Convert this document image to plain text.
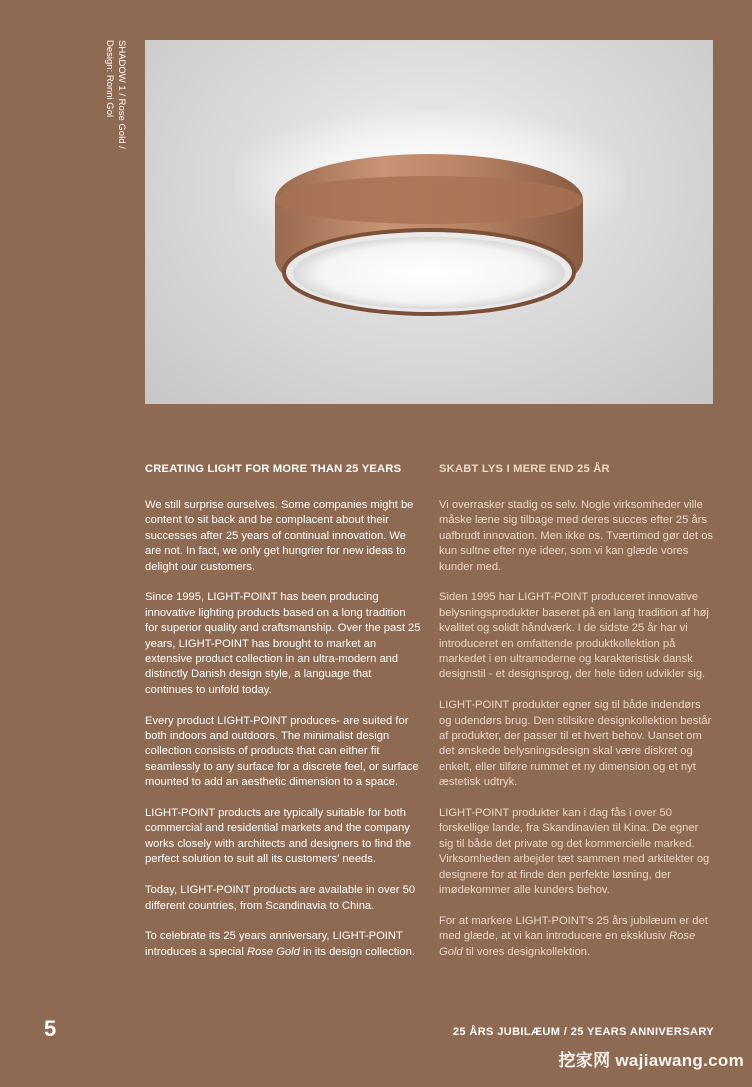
SHADOW 1 / Rose Gold /
Design: Ronni Gol
CREATING LIGHT FOR MORE THAN 25 YEARS

We still surprise ourselves. Some companies might be content to sit back and be complacent about their successes after 25 years of continual innovation. We are not. In fact, we only get hungrier for new ideas to delight our customers.

Since 1995, LIGHT-POINT has been producing innovative lighting products based on a long tradition for superior quality and craftsmanship. Over the past 25 years, LIGHT-POINT has brought to market an extensive product collection in an ultra-modern and distinctly Danish design style, a language that continues to unfold today.

Every product LIGHT-POINT produces- are suited for both indoors and outdoors. The minimalist design collection consists of products that can either fit seamlessly to any surface for a discrete feel, or surface mounted to add an aesthetic dimension to a space.

LIGHT-POINT products are typically suitable for both commercial and residential markets and the company works closely with architects and designers to find the perfect solution to suit all its customers' needs.

Today, LIGHT-POINT products are available in over 50 different countries, from Scandinavia to China.

To celebrate its 25 years anniversary, LIGHT-POINT introduces a special Rose Gold in its design collection.

SKABT LYS I MERE END 25 ÅR

Vi overrasker stadig os selv. Nogle virksomheder ville måske læne sig tilbage med deres succes efter 25 års uafbrudt innovation. Men ikke os. Tværtimod gør det os kun sultne efter nye ideer, som vi kan glæde vores kunder med.

Siden 1995 har LIGHT-POINT produceret innovative belysningsprodukter baseret på en lang tradition af høj kvalitet og solidt håndværk. I de sidste 25 år har vi introduceret en omfattende produktkollektion på markedet i en ultramoderne og karakteristisk dansk designstil - et designsprog, der hele tiden udvikler sig.

LIGHT-POINT produkter egner sig til både indendørs og udendørs brug. Den stilsikre designkollektion består af produkter, der passer til et hvert behov. Uanset om det ønskede belysningsdesign skal være diskret og enkelt, eller tilføre rummet et ny dimension og et nyt æstetisk udtryk.

LIGHT-POINT produkter kan i dag fås i over 50 forskellige lande, fra Skandinavien til Kina. De egner sig til både det private og det kommercielle marked. Virksomheden arbejder tæt sammen med arkitekter og designere for at finde den perfekte løsning, der imødekommer alle kunders behov.

For at markere LIGHT-POINT's 25 års jubilæum er det med glæde, at vi kan introducere en eksklusiv Rose Gold til vores designkollektion.

5	25 ÅRS JUBILÆUM / 25 YEARS ANNIVERSARY
挖家网 wajiawang.com
